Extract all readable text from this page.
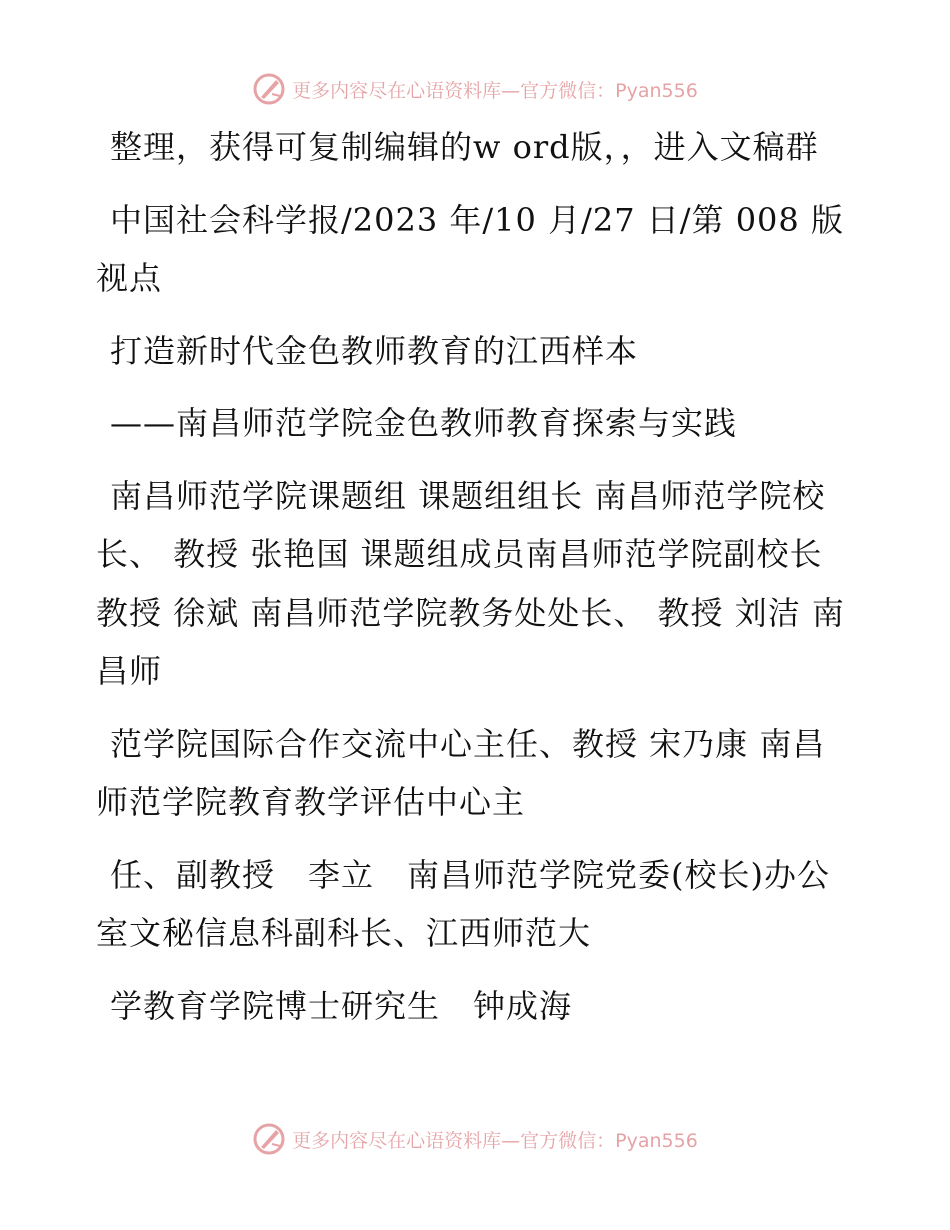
更多内容尽在心语资料库—官方微信：Pyan556

整理，获得可复制编辑的w ord版，，进入文稿群

中国社会科学报/2023 年/10 月/27 日/第 008 版视点

打造新时代金色教师教育的江西样本

——南昌师范学院金色教师教育探索与实践

南昌师范学院课题组 课题组组长 南昌师范学院校长、 教授 张艳国 课题组成员南昌师范学院副校长 教授 徐斌 南昌师范学院教务处处长、 教授 刘洁 南昌师

范学院国际合作交流中心主任、教授 宋乃康 南昌师范学院教育教学评估中心主

任、副教授　李立　南昌师范学院党委(校长)办公室文秘信息科副科长、江西师范大

学教育学院博士研究生　钟成海

更多内容尽在心语资料库—官方微信：Pyan556
